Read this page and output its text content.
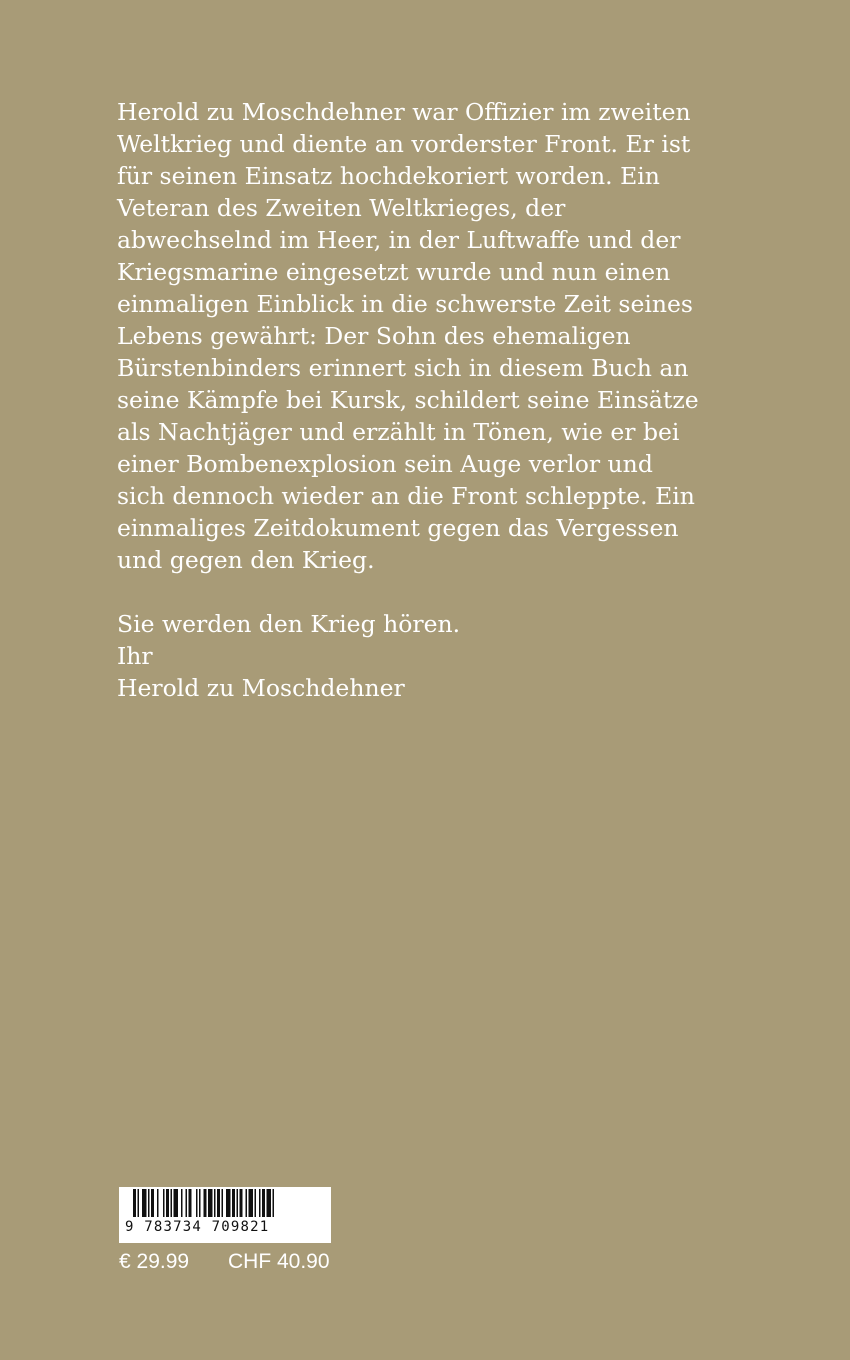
Herold zu Moschdehner war Offizier im zweiten
Weltkrieg und diente an vorderster Front. Er ist
für seinen Einsatz hochdekoriert worden. Ein
Veteran des Zweiten Weltkrieges, der
abwechselnd im Heer, in der Luftwaffe und der
Kriegsmarine eingesetzt wurde und nun einen
einmaligen Einblick in die schwerste Zeit seines
Lebens gewährt: Der Sohn des ehemaligen
Bürstenbinders erinnert sich in diesem Buch an
seine Kämpfe bei Kursk, schildert seine Einsätze
als Nachtjäger und erzählt in Tönen, wie er bei
einer Bombenexplosion sein Auge verlor und
sich dennoch wieder an die Front schleppte. Ein
einmaliges Zeitdokument gegen das Vergessen
und gegen den Krieg.
Sie werden den Krieg hören.
Ihr
Herold zu Moschdehner
9 783734 709821
€ 29.99 CHF 40.90
